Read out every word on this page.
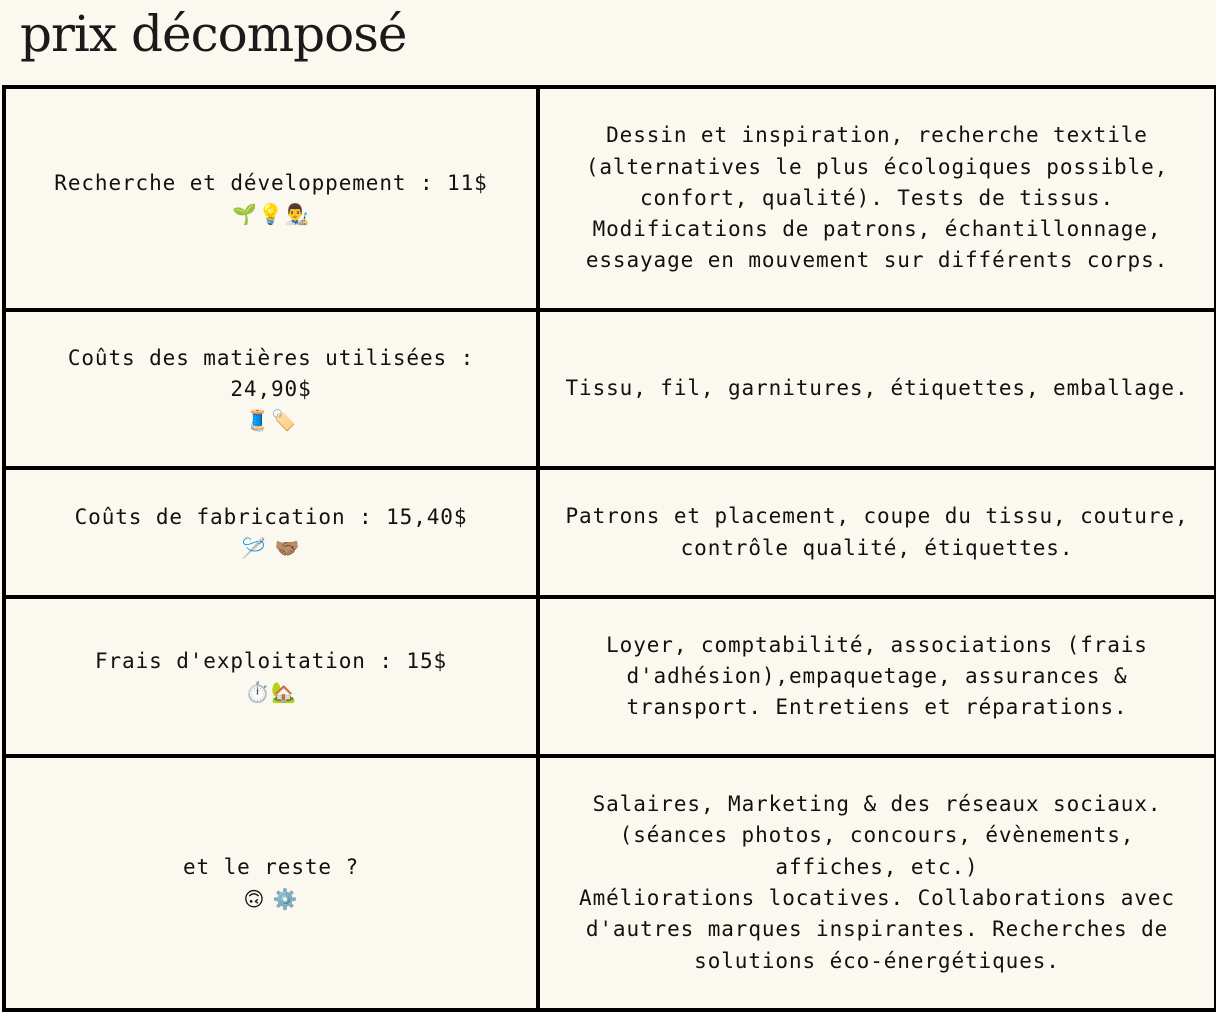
prix décomposé
Recherche et développement : 11$
🌱💡👨‍🎨	Dessin et inspiration, recherche textile (alternatives le plus écologiques possible, confort, qualité). Tests de tissus. Modifications de patrons, échantillonnage, essayage en mouvement sur différents corps.
Coûts des matières utilisées : 24,90$
🧵🏷️	Tissu, fil, garnitures, étiquettes, emballage.
Coûts de fabrication : 15,40$
🪡 🤝🏽	Patrons et placement, coupe du tissu, couture, contrôle qualité, étiquettes.
Frais d'exploitation : 15$
⏱️🏡	Loyer, comptabilité, associations (frais d'adhésion),empaquetage, assurances & transport. Entretiens et réparations.
et le reste ?
🙃 ⚙️	Salaires, Marketing & des réseaux sociaux. (séances photos, concours, évènements, affiches, etc.)
Améliorations locatives. Collaborations avec d'autres marques inspirantes. Recherches de solutions éco-énergétiques.
